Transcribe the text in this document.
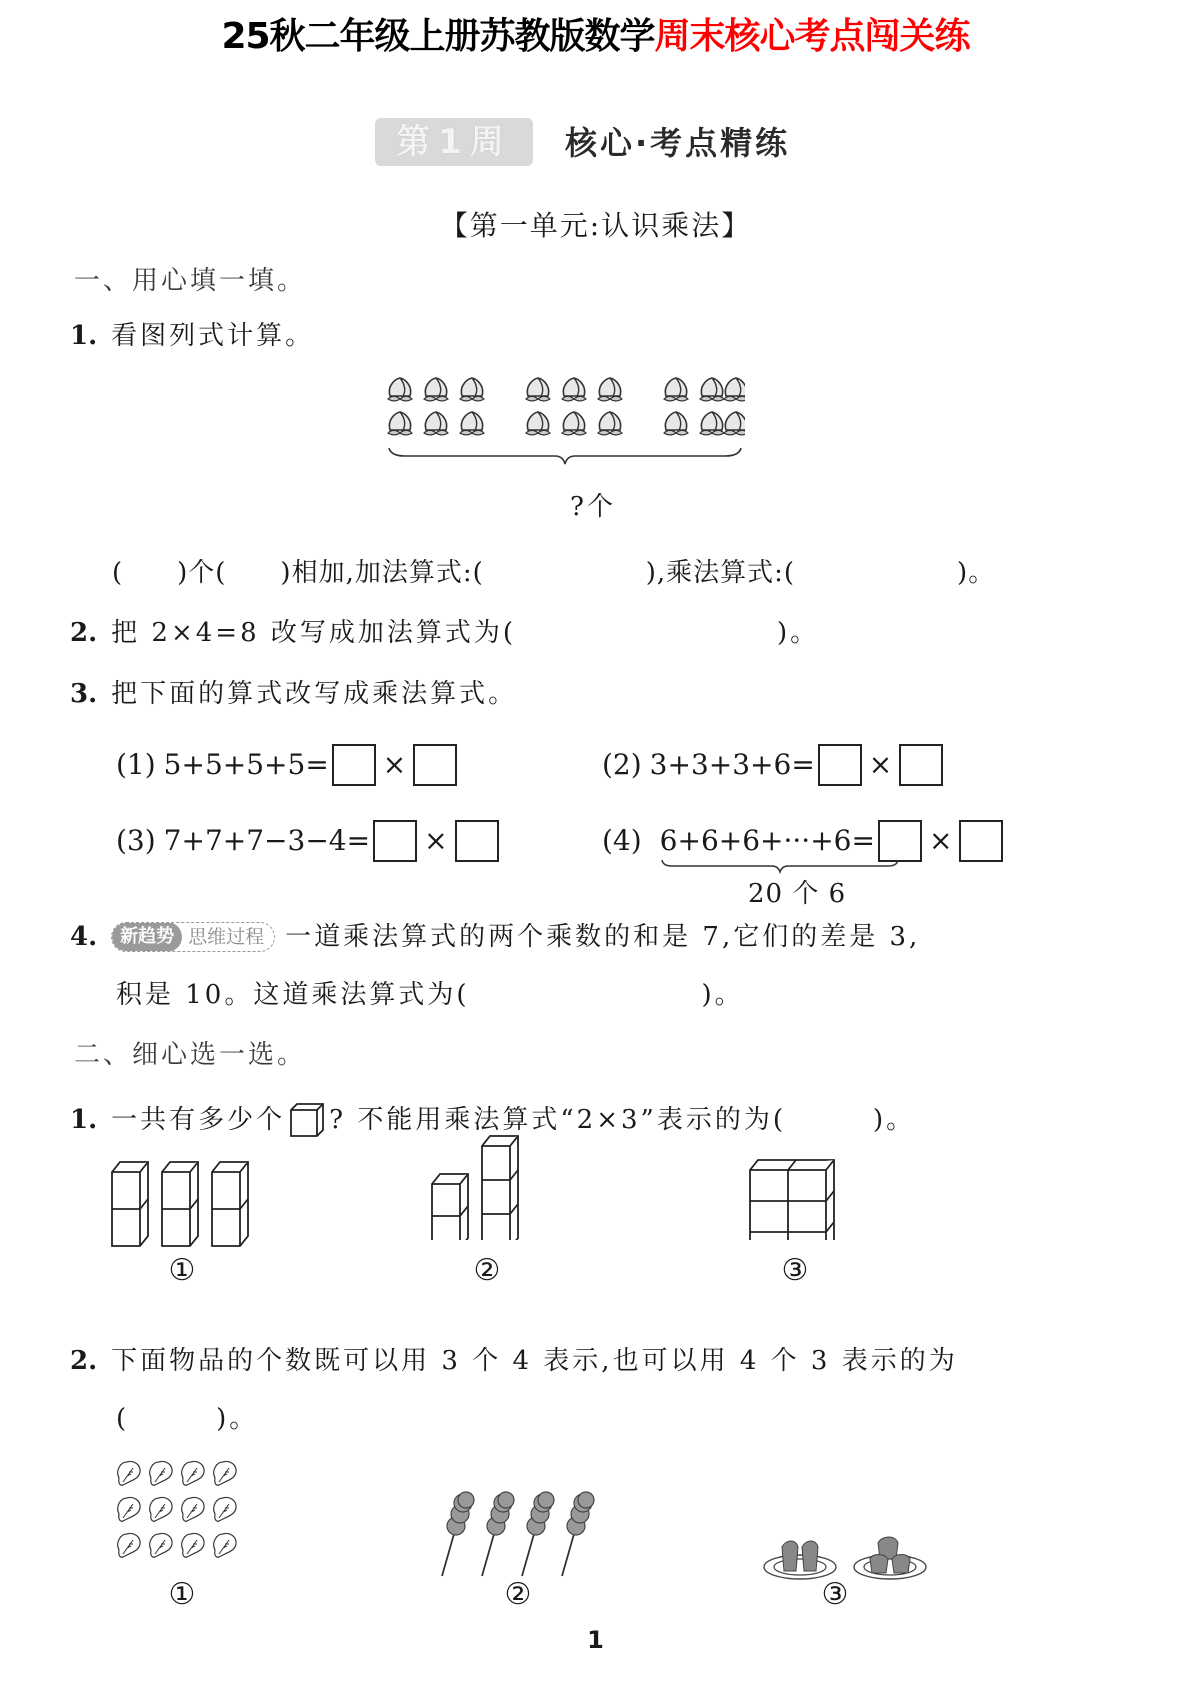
25秋二年级上册苏教版数学周末核心考点闯关练
第1周	核心·考点精练
【第一单元:认识乘法】
一、用心填一填。
1. 看图列式计算。
?个
(　　)个(　　)相加,加法算式:(　　　　　　),乘法算式:(　　　　　　)。
2. 把 2×4=8 改写成加法算式为(　　　　　　　　　)。
3. 把下面的算式改写成乘法算式。
(1) 5+5+5+5= ×	(2) 3+3+3+6= ×
(3) 7+7+7−3−4= ×	(4) 6+6+6+···+6 = ×
20 个 6
4.	新趋势 思维过程 一道乘法算式的两个乘数的和是 7,它们的差是 3,
积是 10。这道乘法算式为(　　　　　　　　)。
二、细心选一选。
1. 一共有多少个 ? 不能用乘法算式“2×3”表示的为(　　　)。
①	②	③
2. 下面物品的个数既可以用 3 个 4 表示,也可以用 4 个 3 表示的为
(　　　)。
①	②	③
1
